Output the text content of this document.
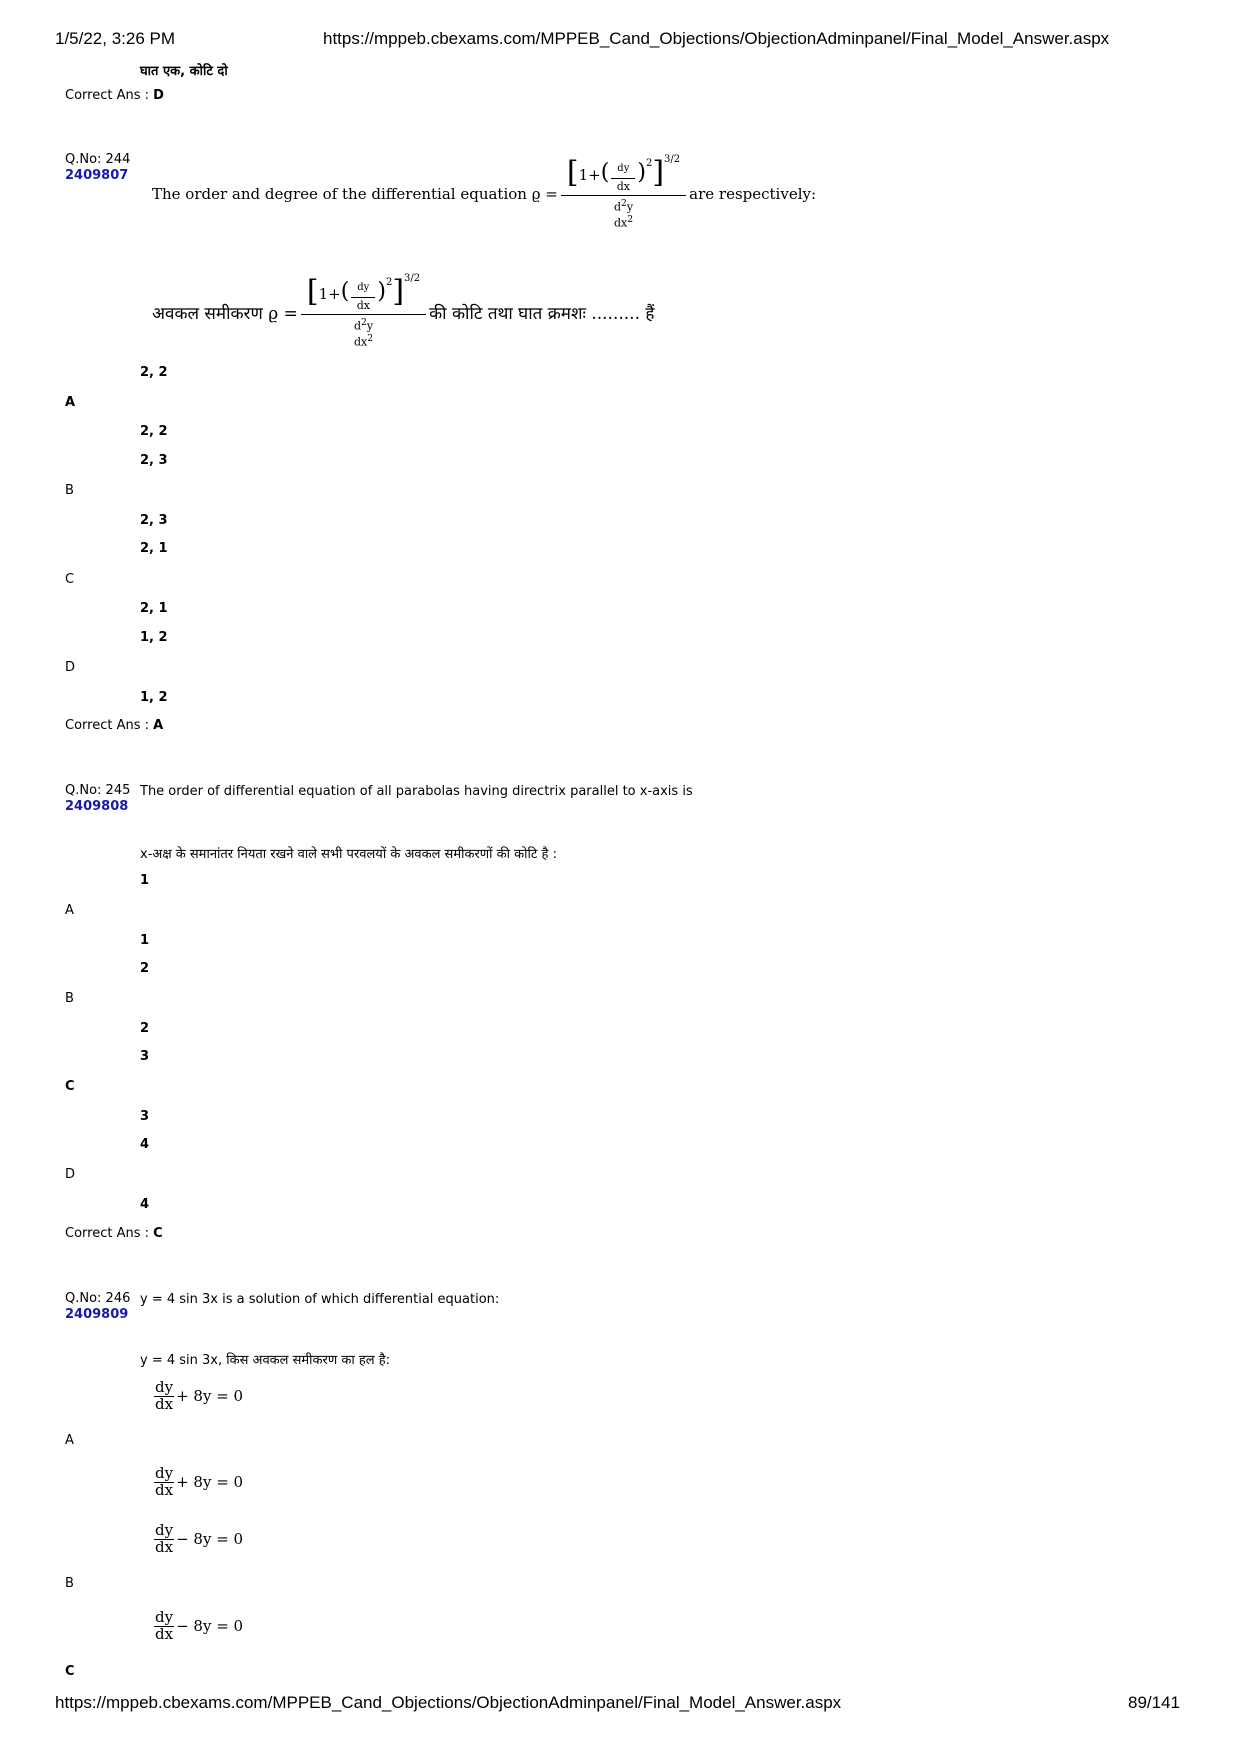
1/5/22, 3:26 PM	https://mppeb.cbexams.com/MPPEB_Cand_Objections/ObjectionAdminpanel/Final_Model_Answer.aspx
घात एक, कोटि दो
Correct Ans : D
Q.No: 244
2409807
The order and degree of the differential equation ϱ =
[ 1+ ( $\frac{dy}{dx} )^2$ ]$^{3/2}$
$d^2y$
$dx^2$
are respectively:
अवकल समीकरण ϱ =
[ 1+ ( $\frac{dy}{dx} )^2$ ]$^{3/2}$
$d^2y$
$dx^2$
की कोटि तथा घात क्रमशः ......... हैं
2, 2
A
2, 2
2, 3
B
2, 3
2, 1
C
2, 1
1, 2
D
1, 2
Correct Ans : A
Q.No: 245
2409808
The order of differential equation of all parabolas having directrix parallel to x-axis is
x-अक्ष के समानांतर नियता रखने वाले सभी परवलयों के अवकल समीकरणों की कोटि है :
1
A
1
2
B
2
3
C
3
4
D
4
Correct Ans : C
Q.No: 246
2409809
y = 4 sin 3x is a solution of which differential equation:
y = 4 sin 3x, किस अवकल समीकरण का हल है:
$\frac{dy}{dx} + 8y = 0$
A
$\frac{dy}{dx} + 8y = 0$
$\frac{dy}{dx} - 8y = 0$
B
$\frac{dy}{dx} - 8y = 0$
C
https://mppeb.cbexams.com/MPPEB_Cand_Objections/ObjectionAdminpanel/Final_Model_Answer.aspx	89/141
